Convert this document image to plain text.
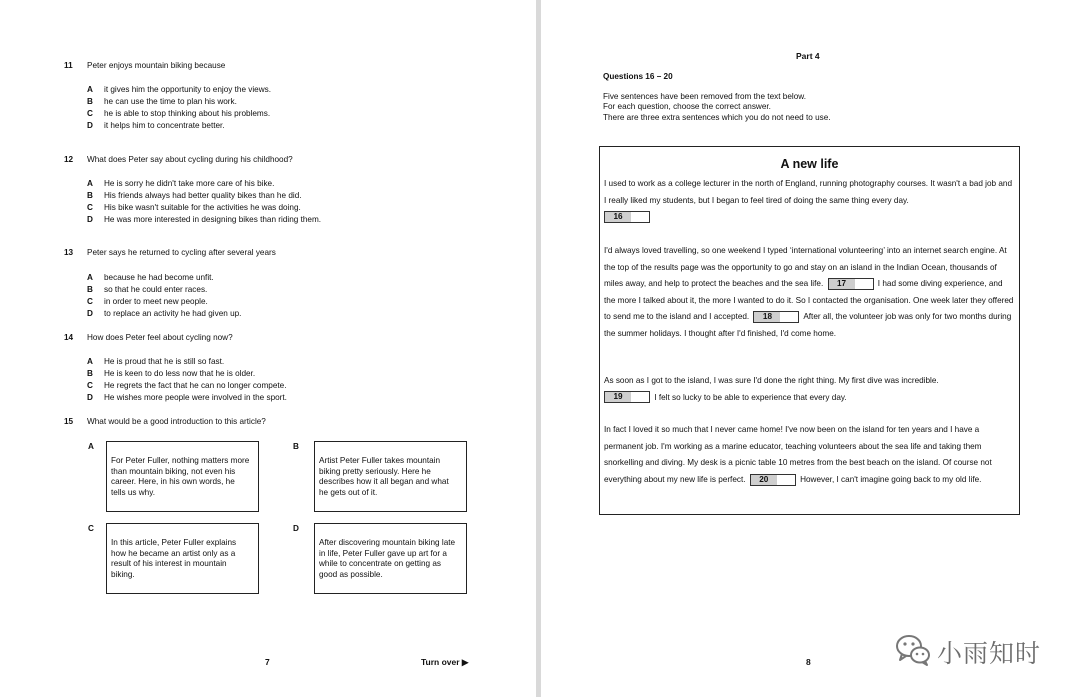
11 Peter enjoys mountain biking because
A it gives him the opportunity to enjoy the views.
B he can use the time to plan his work.
C he is able to stop thinking about his problems.
D it helps him to concentrate better.
12 What does Peter say about cycling during his childhood?
A He is sorry he didn't take more care of his bike.
B His friends always had better quality bikes than he did.
C His bike wasn't suitable for the activities he was doing.
D He was more interested in designing bikes than riding them.
13 Peter says he returned to cycling after several years
A because he had become unfit.
B so that he could enter races.
C in order to meet new people.
D to replace an activity he had given up.
14 How does Peter feel about cycling now?
A He is proud that he is still so fast.
B He is keen to do less now that he is older.
C He regrets the fact that he can no longer compete.
D He wishes more people were involved in the sport.
15 What would be a good introduction to this article?
A
For Peter Fuller, nothing matters more than mountain biking, not even his career. Here, in his own words, he tells us why.
B
Artist Peter Fuller takes mountain biking pretty seriously. Here he describes how it all began and what he gets out of it.
C
In this article, Peter Fuller explains how he became an artist only as a result of his interest in mountain biking.
D
After discovering mountain biking late in life, Peter Fuller gave up art for a while to concentrate on getting as good as possible.
7	Turn over ▶
Part 4
Questions 16 – 20
Five sentences have been removed from the text below.
For each question, choose the correct answer.
There are three extra sentences which you do not need to use.
A new life
I used to work as a college lecturer in the north of England, running photography courses. It wasn't a bad job and I really liked my students, but I began to feel tired of doing the same thing every day.
16
I'd always loved travelling, so one weekend I typed ‘international volunteering’ into an internet search engine. At the top of the results page was the opportunity to go and stay on an island in the Indian Ocean, thousands of miles away, and help to protect the beaches and the sea life. 17	I had some diving experience, and the more I talked about it, the more I wanted to do it. So I contacted the organisation. One week later they offered to send me to the island and I accepted. 18	After all, the volunteer job was only for two months during the summer holidays. I thought after I'd finished, I'd come home.
As soon as I got to the island, I was sure I'd done the right thing. My first dive was incredible.
19	I felt so lucky to be able to experience that every day.
In fact I loved it so much that I never came home! I've now been on the island for ten years and I have a permanent job. I'm working as a marine educator, teaching volunteers about the sea life and taking them snorkelling and diving. My desk is a picnic table 10 metres from the best beach on the island. Of course not everything about my new life is perfect. 20	However, I can't imagine going back to my old life.
8	小雨知时
